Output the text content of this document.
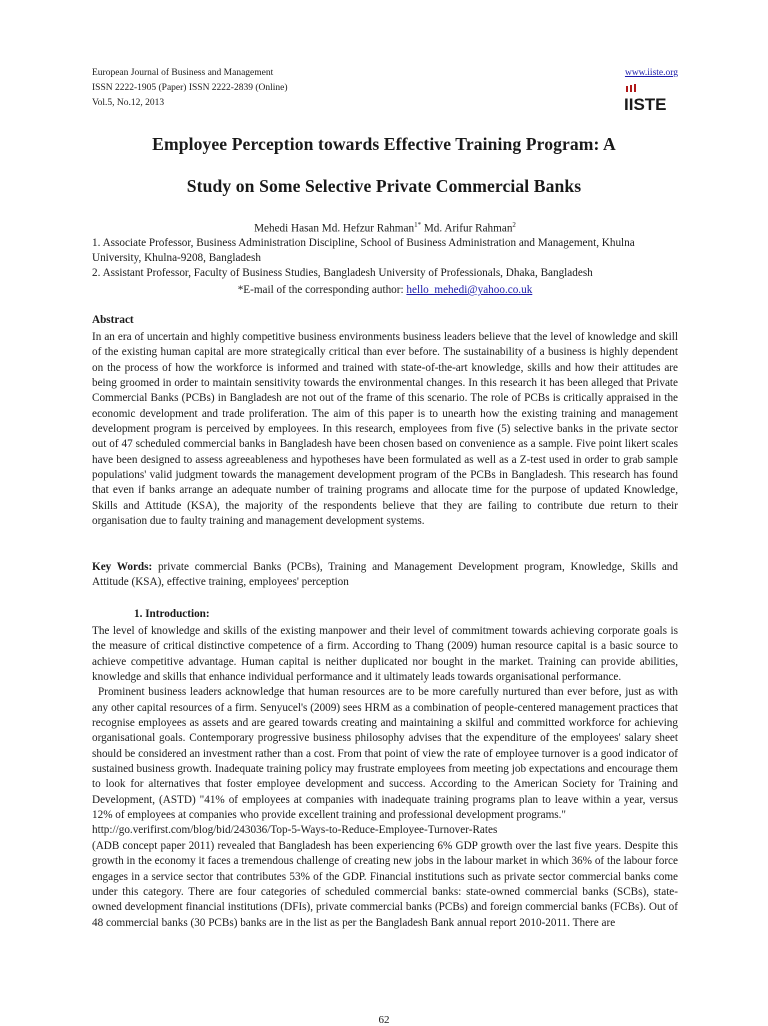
European Journal of Business and Management
ISSN 2222-1905 (Paper) ISSN 2222-2839 (Online)
Vol.5, No.12, 2013
www.iiste.org
IISTE
Employee Perception towards Effective Training Program: A
Study on Some Selective Private Commercial Banks
Mehedi Hasan Md. Hefzur Rahman$^{1*}$ Md. Arifur Rahman$^2$
1. Associate Professor, Business Administration Discipline, School of Business Administration and Management, Khulna University, Khulna-9208, Bangladesh
2. Assistant Professor, Faculty of Business Studies, Bangladesh University of Professionals, Dhaka, Bangladesh
*E-mail of the corresponding author: hello_mehedi@yahoo.co.uk
Abstract
In an era of uncertain and highly competitive business environments business leaders believe that the level of knowledge and skill of the existing human capital are more strategically critical than ever before. The sustainability of a business is highly dependent on the process of how the workforce is informed and trained with state-of-the-art knowledge, skills and how their attitudes are being groomed in order to maintain sensitivity towards the environmental changes. In this research it has been alleged that Private Commercial Banks (PCBs) in Bangladesh are not out of the frame of this scenario. The role of PCBs is critically appraised in the economic development and trade proliferation. The aim of this paper is to unearth how the existing training and management development program is perceived by employees. In this research, employees from five (5) selective banks in the private sector out of 47 scheduled commercial banks in Bangladesh have been chosen based on convenience as a sample. Five point likert scales have been designed to assess agreeableness and hypotheses have been formulated as well as a Z-test used in order to grab sample populations' valid judgment towards the management development program of the PCBs in Bangladesh. This research has found that even if banks arrange an adequate number of training programs and allocate time for the purpose of updated Knowledge, Skills and Attitude (KSA), the majority of the respondents believe that they are failing to contribute due return to their organisation due to faulty training and management development systems.
Key Words: private commercial Banks (PCBs), Training and Management Development program, Knowledge, Skills and Attitude (KSA), effective training, employees' perception
1. Introduction:

The level of knowledge and skills of the existing manpower and their level of commitment towards achieving corporate goals is the measure of critical distinctive competence of a firm. According to Thang (2009) human resource capital is a basic source to achieve competitive advantage. Human capital is neither duplicated nor bought in the market. Training can provide abilities, knowledge and skills that enhance individual performance and it ultimately leads towards organisational performance.

Prominent business leaders acknowledge that human resources are to be more carefully nurtured than ever before, just as with any other capital resources of a firm. Senyucel's (2009) sees HRM as a combination of people-centered management practices that recognise employees as assets and are geared towards creating and maintaining a skilful and committed workforce for achieving organisational goals. Contemporary progressive business philosophy advises that the expenditure of the employees' salary sheet should be considered an investment rather than a cost. From that point of view the rate of employee turnover is a good indicator of sustained business growth. Inadequate training policy may frustrate employees from meeting job expectations and encourage them to look for alternatives that foster employee development and success. According to the American Society for Training and Development, (ASTD) "41% of employees at companies with inadequate training programs plan to leave within a year, versus 12% of employees at companies who provide excellent training and professional development programs."

http://go.verifirst.com/blog/bid/243036/Top-5-Ways-to-Reduce-Employee-Turnover-Rates

(ADB concept paper 2011) revealed that Bangladesh has been experiencing 6% GDP growth over the last five years. Despite this growth in the economy it faces a tremendous challenge of creating new jobs in the labour market in which 36% of the labour force engages in a service sector that contributes 53% of the GDP. Financial institutions such as private sector commercial banks come under this category. There are four categories of scheduled commercial banks: state-owned commercial banks (SCBs), state-owned development financial institutions (DFIs), private commercial banks (PCBs) and foreign commercial banks (FCBs). Out of 48 commercial banks (30 PCBs) banks are in the list as per the Bangladesh Bank annual report 2010-2011. There are

62
